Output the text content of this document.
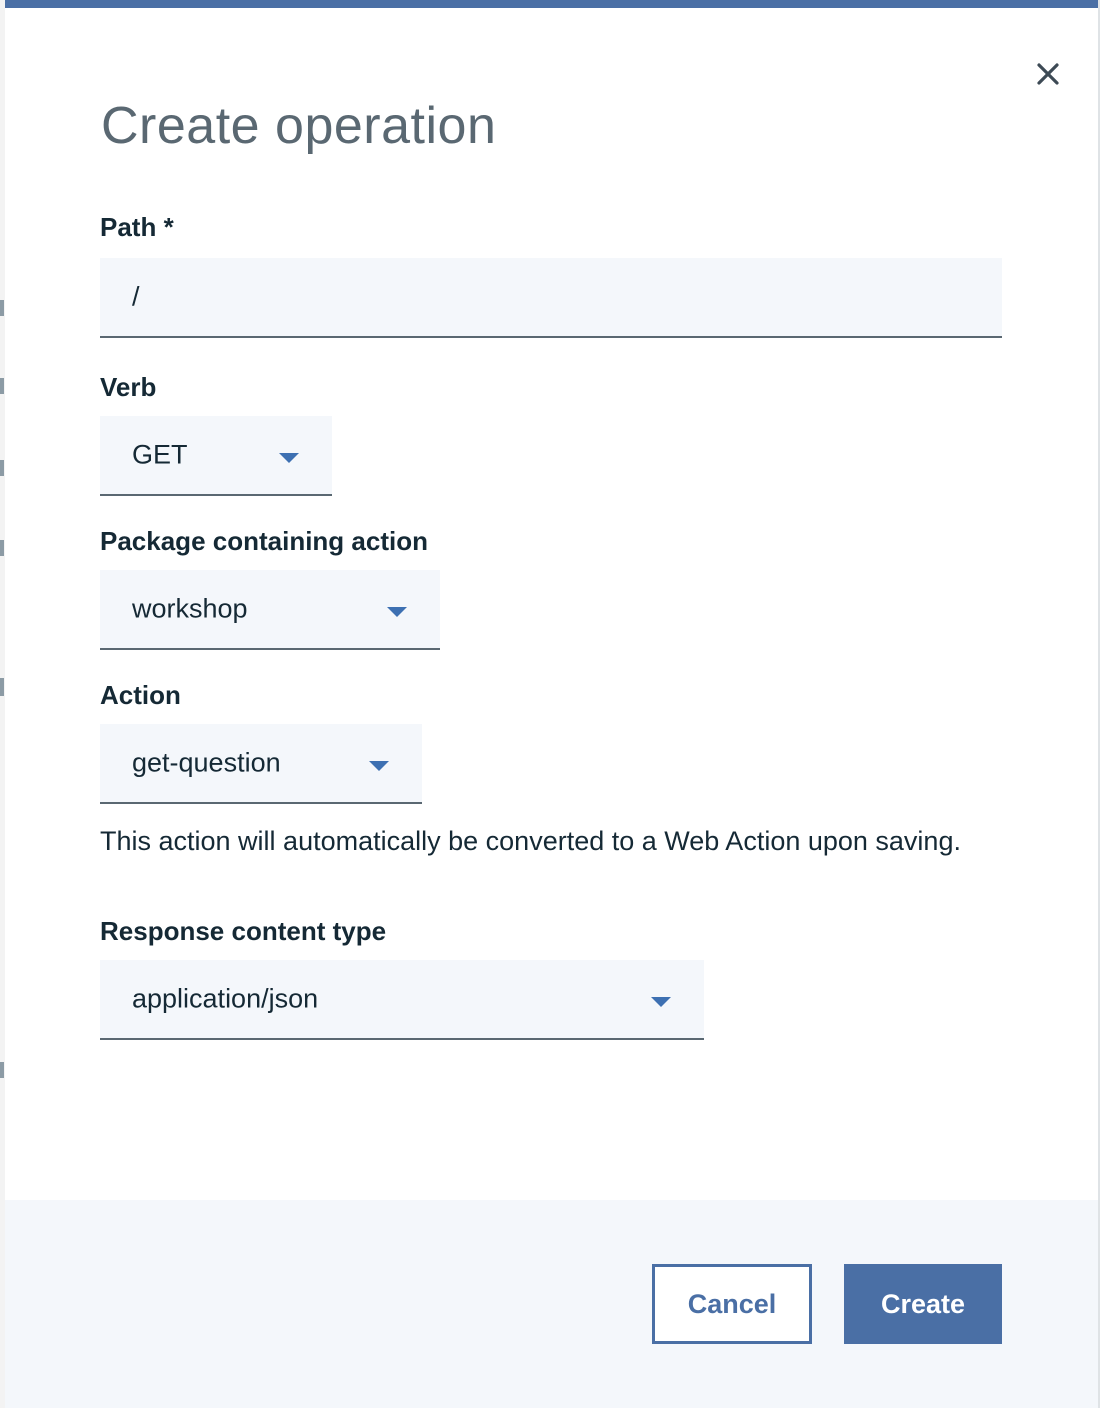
Create operation
Path *
/
Verb
GET
Package containing action
workshop
Action
get-question
This action will automatically be converted to a Web Action upon saving.
Response content type
application/json
Cancel	Create
